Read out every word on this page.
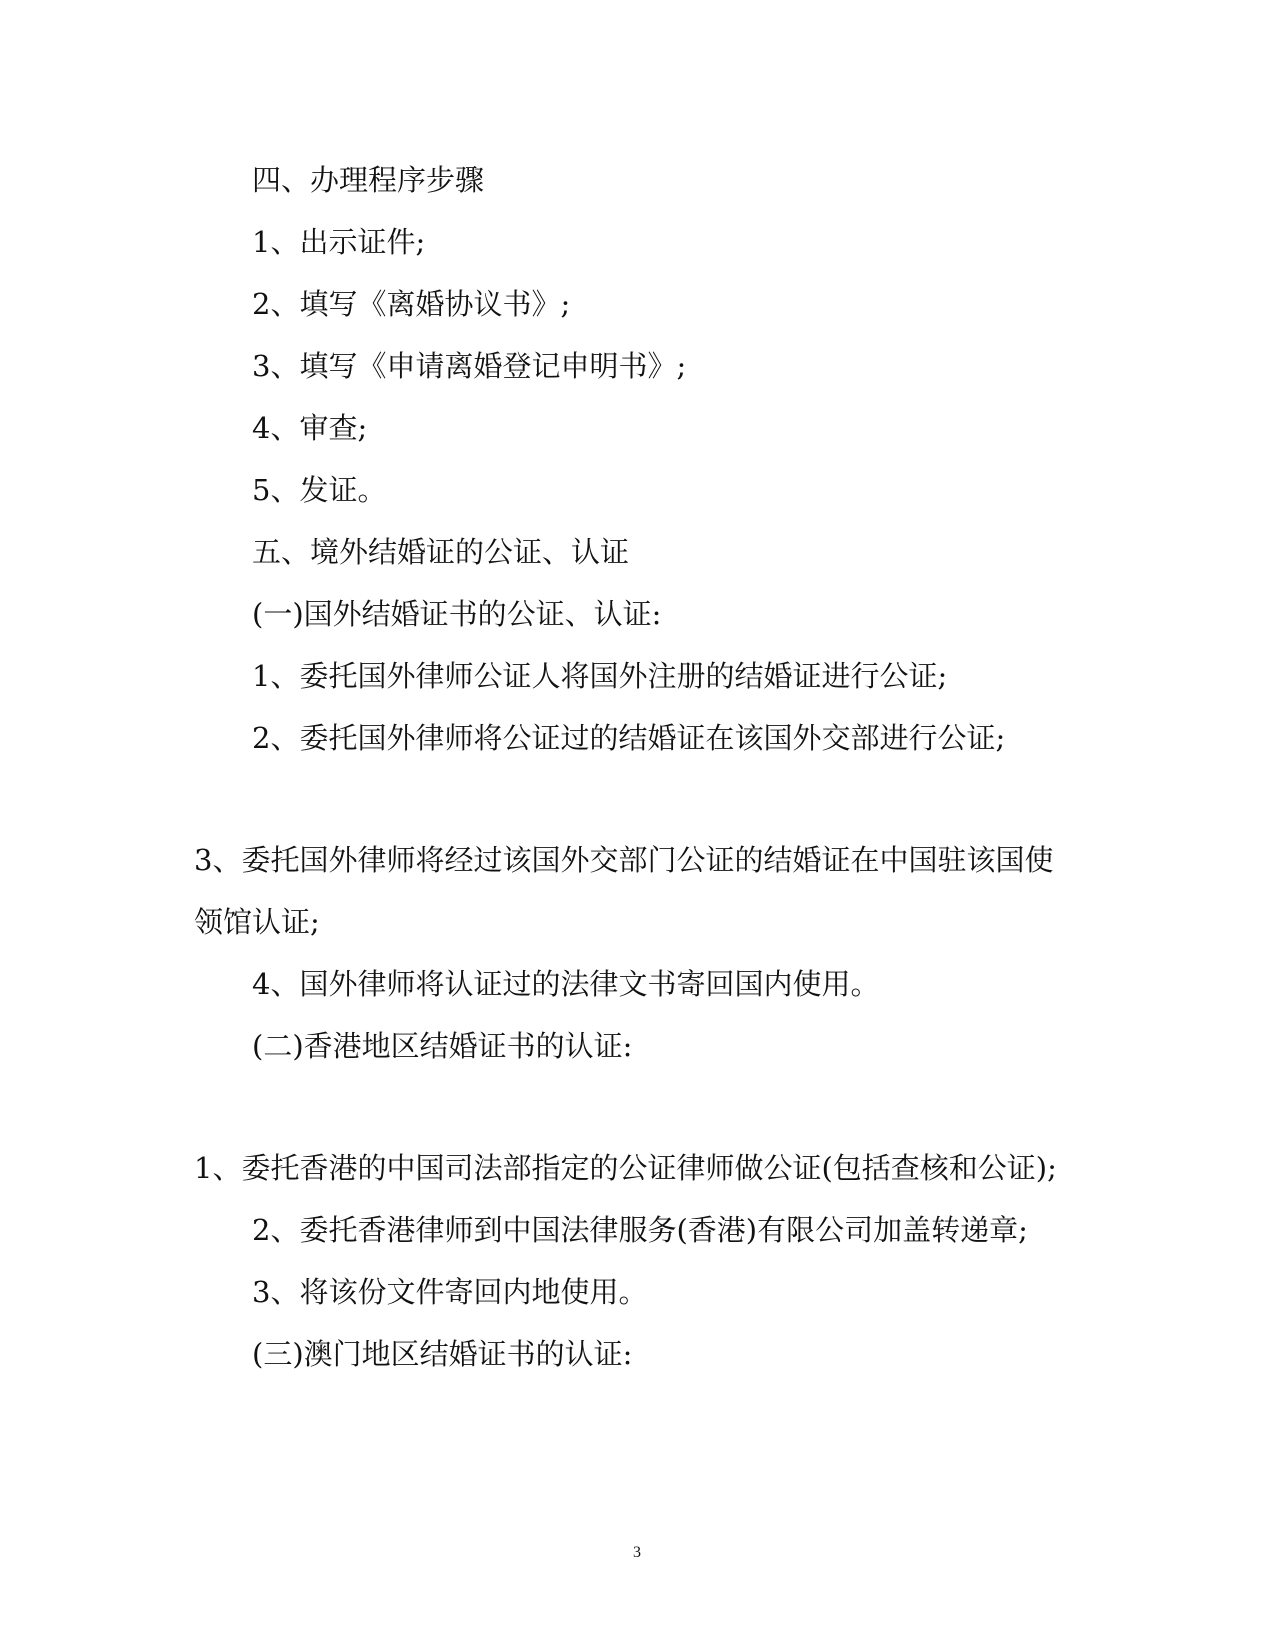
四、办理程序步骤
1、出示证件;
2、填写《离婚协议书》;
3、填写《申请离婚登记申明书》;
4、审查;
5、发证。
五、境外结婚证的公证、认证
(一)国外结婚证书的公证、认证:
1、委托国外律师公证人将国外注册的结婚证进行公证;
2、委托国外律师将公证过的结婚证在该国外交部进行公证;
3、委托国外律师将经过该国外交部门公证的结婚证在中国驻该国使
领馆认证;
4、国外律师将认证过的法律文书寄回国内使用。
(二)香港地区结婚证书的认证:
1、委托香港的中国司法部指定的公证律师做公证(包括查核和公证);
2、委托香港律师到中国法律服务(香港)有限公司加盖转递章;
3、将该份文件寄回内地使用。
(三)澳门地区结婚证书的认证:
3
